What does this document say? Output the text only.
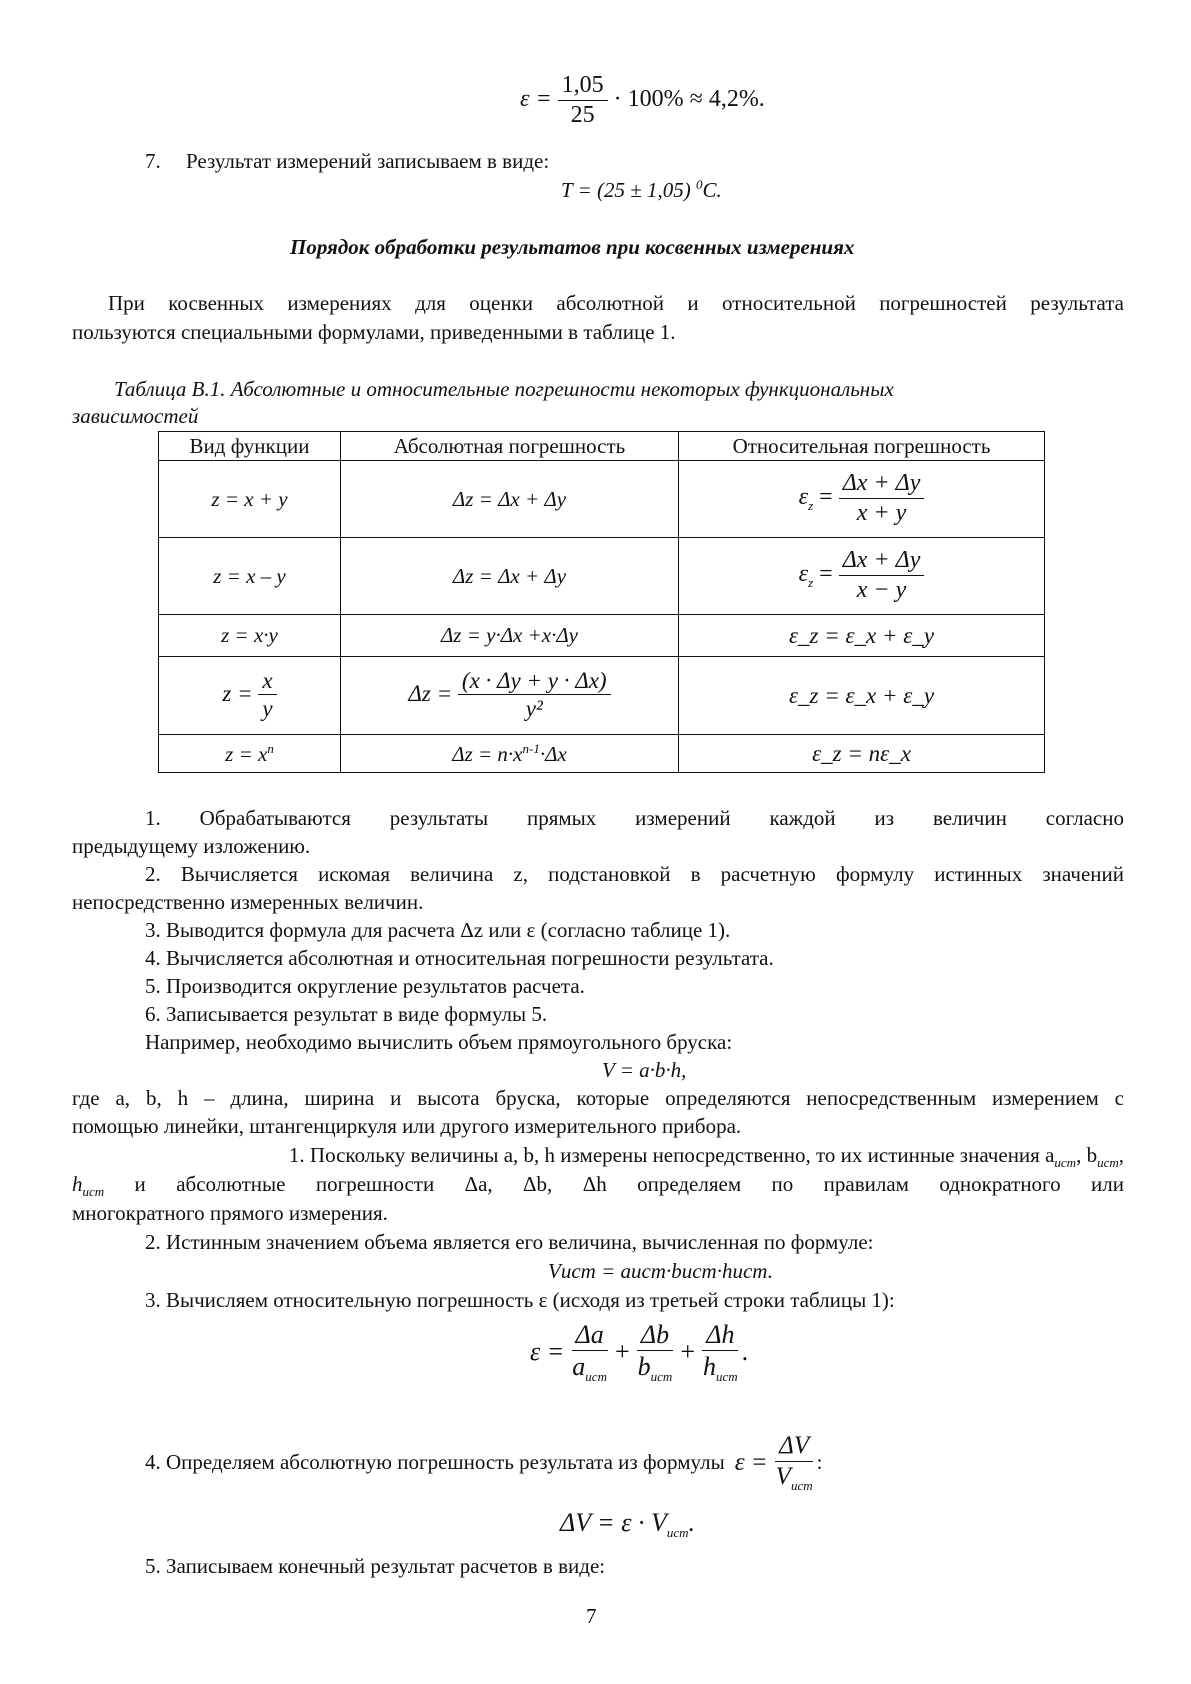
$\varepsilon = \frac{1,05}{25} \cdot 100\% \approx 4,2\%$.
7. Результат измерений записываем в виде:
T = (25 ± 1,05) $^0$C.
Порядок обработки результатов при косвенных измерениях
При косвенных измерениях для оценки абсолютной и относительной погрешностей результата
пользуются специальными формулами, приведенными в таблице 1.
Таблица В.1. Абсолютные и относительные погрешности некоторых функциональных
зависимостей
Вид функции	Абсолютная погрешность	Относительная погрешность
z = x + y	Δz = Δx + Δy	$\varepsilon_z = \frac{\Delta x + \Delta y}{x + y}$

z = x – y	Δz = Δx + Δy	$\varepsilon_z = \frac{\Delta x + \Delta y}{x - y}$

z = x·y	Δz = y·Δx +x·Δy	ε_z = ε_x + ε_y
$z = \frac{x}{y}$	$\Delta z = \frac{(x \cdot \Delta y + y \cdot \Delta x)}{\text{y²}}$	ε_z = ε_x + ε_y
$z = x^n$	$\Delta z = n\cdot x^{n-1}\cdot\Delta x$	ε_z = nε_x
1. Обрабатываются результаты прямых измерений каждой из величин согласно
предыдущему изложению.
2. Вычисляется искомая величина z, подстановкой в расчетную формулу истинных значений
непосредственно измеренных величин.
3. Выводится формула для расчета Δz или ε (согласно таблице 1).
4. Вычисляется абсолютная и относительная погрешности результата.
5. Производится округление результатов расчета.
6. Записывается результат в виде формулы 5.
Например, необходимо вычислить объем прямоугольного бруска:
V = a·b·h,
где a, b, h – длина, ширина и высота бруска, которые определяются непосредственным измерением с
помощью линейки, штангенциркуля или другого измерительного прибора.
1. Поскольку величины a, b, h измерены непосредственно, то их истинные значения $a_{ист}$, $b_{ист}$,
$h_{ист}$ и абсолютные погрешности Δa, Δb, Δh определяем по правилам однократного или
многократного прямого измерения.
2. Истинным значением объема является его величина, вычисленная по формуле:
Vист = aист·bист·hист.
3. Вычисляем относительную погрешность ε (исходя из третьей строки таблицы 1):
$\varepsilon = \frac{\Delta a}{a_{ист}} + \frac{\Delta b}{b_{ист}} + \frac{\Delta h}{h_{ист}}$ .
4. Определяем абсолютную погрешность результата из формулы $\varepsilon = \frac{\Delta V}{V_{ист}}$ :
$\Delta V = \varepsilon \cdot V_{ист}$.
5. Записываем конечный результат расчетов в виде:
7
